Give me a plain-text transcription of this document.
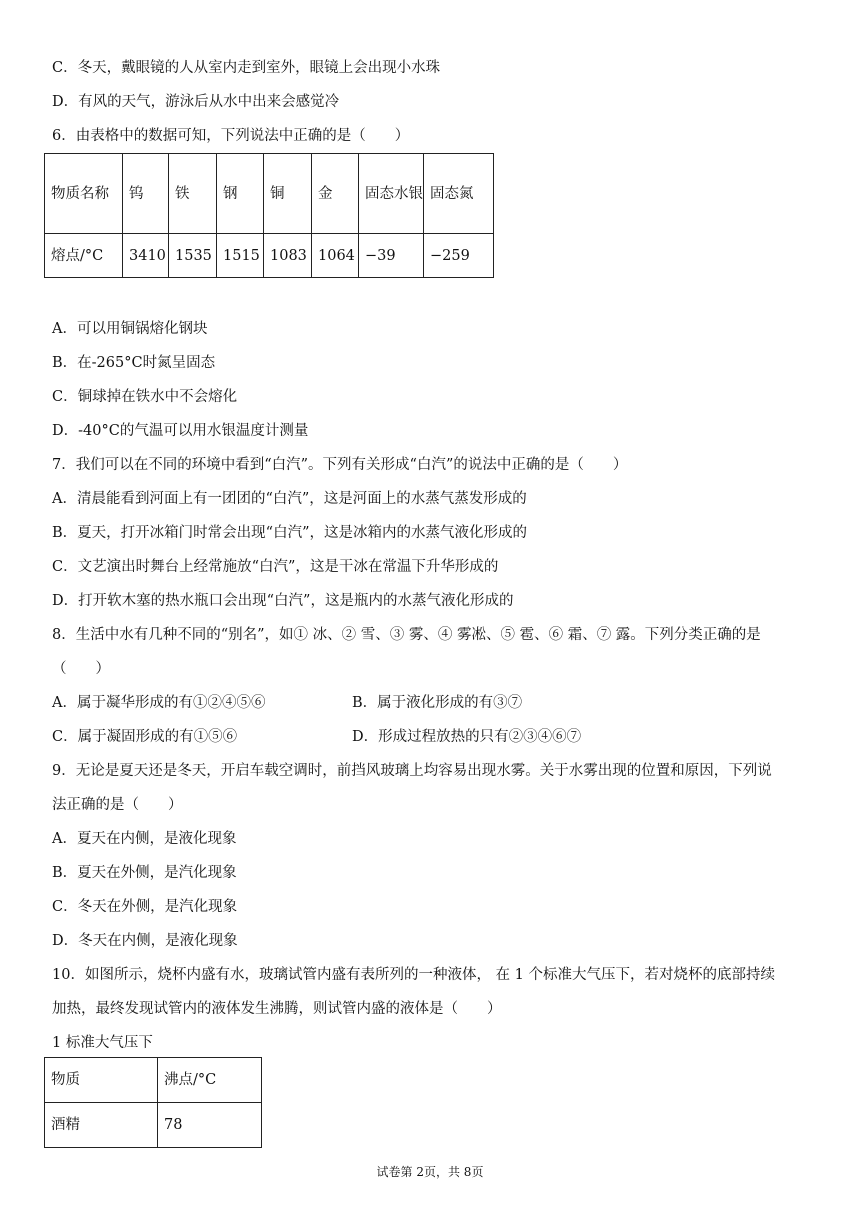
C．冬天，戴眼镜的人从室内走到室外，眼镜上会出现小水珠
D．有风的天气，游泳后从水中出来会感觉冷
6．由表格中的数据可知，下列说法中正确的是（　　）
物质名称	钨	铁	钢	铜	金	固态水银	固态氮
熔点/°C	3410	1535	1515	1083	1064	−39	−259
A．可以用铜锅熔化钢块
B．在-265°C时氮呈固态
C．铜球掉在铁水中不会熔化
D．-40°C的气温可以用水银温度计测量
7．我们可以在不同的环境中看到“白汽”。下列有关形成“白汽”的说法中正确的是（　　）
A．清晨能看到河面上有一团团的“白汽”，这是河面上的水蒸气蒸发形成的
B．夏天，打开冰箱门时常会出现“白汽”，这是冰箱内的水蒸气液化形成的
C．文艺演出时舞台上经常施放“白汽”，这是干冰在常温下升华形成的
D．打开软木塞的热水瓶口会出现“白汽”，这是瓶内的水蒸气液化形成的
8．生活中水有几种不同的“别名”，如① 冰、② 雪、③ 雾、④ 雾凇、⑤ 雹、⑥ 霜、⑦ 露。下列分类正确的是
（　　）
A．属于凝华形成的有①②④⑤⑥	B．属于液化形成的有③⑦
C．属于凝固形成的有①⑤⑥	D．形成过程放热的只有②③④⑥⑦
9．无论是夏天还是冬天，开启车载空调时，前挡风玻璃上均容易出现水雾。关于水雾出现的位置和原因，下列说
法正确的是（　　）
A．夏天在内侧，是液化现象
B．夏天在外侧，是汽化现象
C．冬天在外侧，是汽化现象
D．冬天在内侧，是液化现象
10．如图所示，烧杯内盛有水，玻璃试管内盛有表所列的一种液体， 在 1 个标准大气压下，若对烧杯的底部持续
加热，最终发现试管内的液体发生沸腾，则试管内盛的液体是（　　）
1 标准大气压下
物质	沸点/°C
酒精	78
试卷第 2页，共 8页
